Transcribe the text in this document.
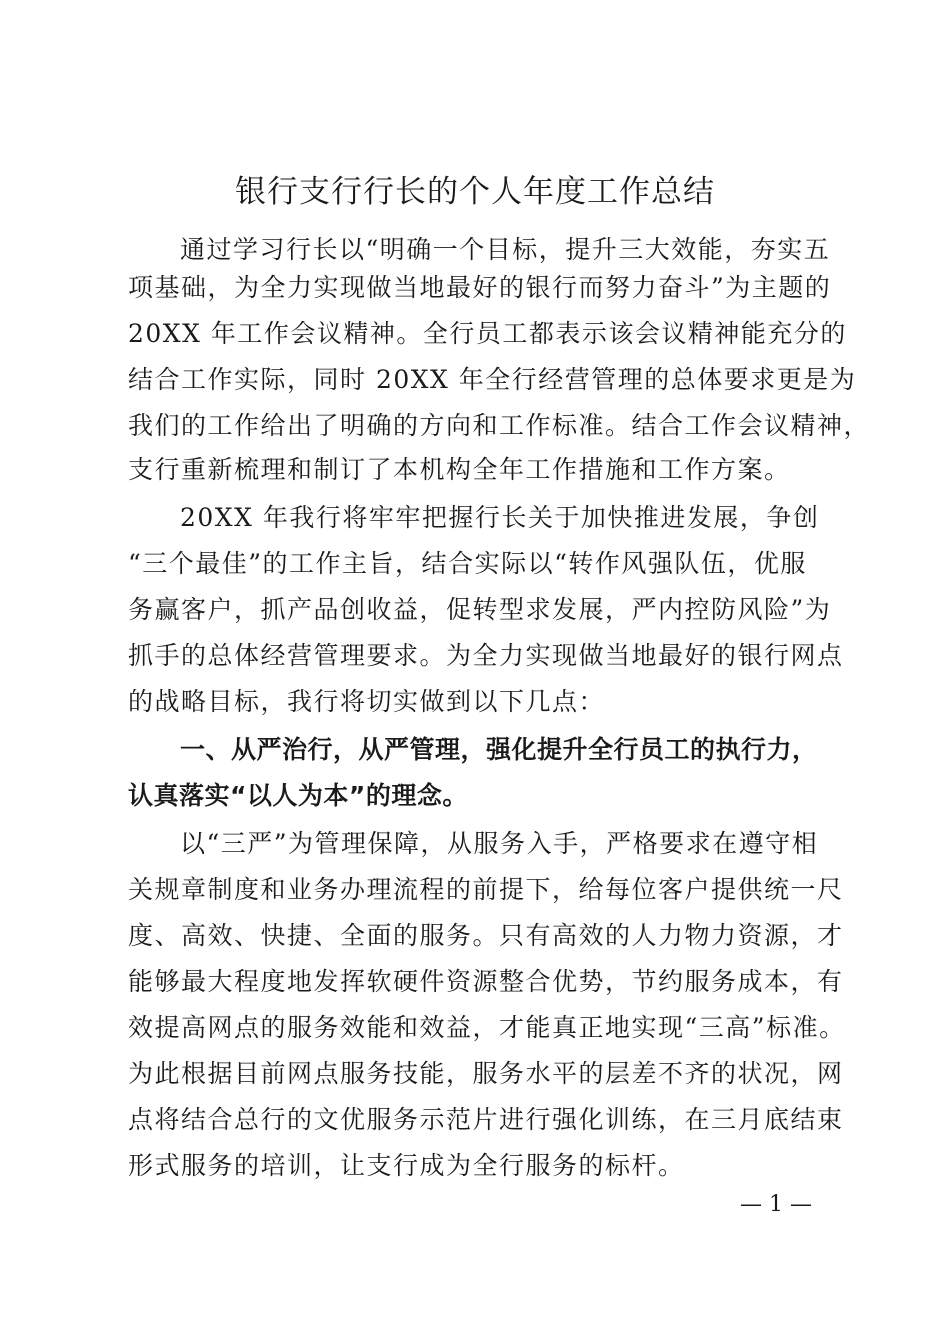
银行支行行长的个人年度工作总结
通过学习行长以“明确一个目标，提升三大效能，夯实五
项基础，为全力实现做当地最好的银行而努力奋斗”为主题的
20XX 年工作会议精神。全行员工都表示该会议精神能充分的
结合工作实际，同时 20XX 年全行经营管理的总体要求更是为
我们的工作给出了明确的方向和工作标准。结合工作会议精神，
支行重新梳理和制订了本机构全年工作措施和工作方案。
20XX 年我行将牢牢把握行长关于加快推进发展，争创
“三个最佳”的工作主旨，结合实际以“转作风强队伍，优服
务赢客户，抓产品创收益，促转型求发展，严内控防风险”为
抓手的总体经营管理要求。为全力实现做当地最好的银行网点
的战略目标，我行将切实做到以下几点：
一、从严治行，从严管理，强化提升全行员工的执行力，
认真落实“以人为本”的理念。
以“三严”为管理保障，从服务入手，严格要求在遵守相
关规章制度和业务办理流程的前提下，给每位客户提供统一尺
度、高效、快捷、全面的服务。只有高效的人力物力资源，才
能够最大程度地发挥软硬件资源整合优势，节约服务成本，有
效提高网点的服务效能和效益，才能真正地实现“三高”标准。
为此根据目前网点服务技能，服务水平的层差不齐的状况，网
点将结合总行的文优服务示范片进行强化训练，在三月底结束
形式服务的培训，让支行成为全行服务的标杆。
— 1 —
